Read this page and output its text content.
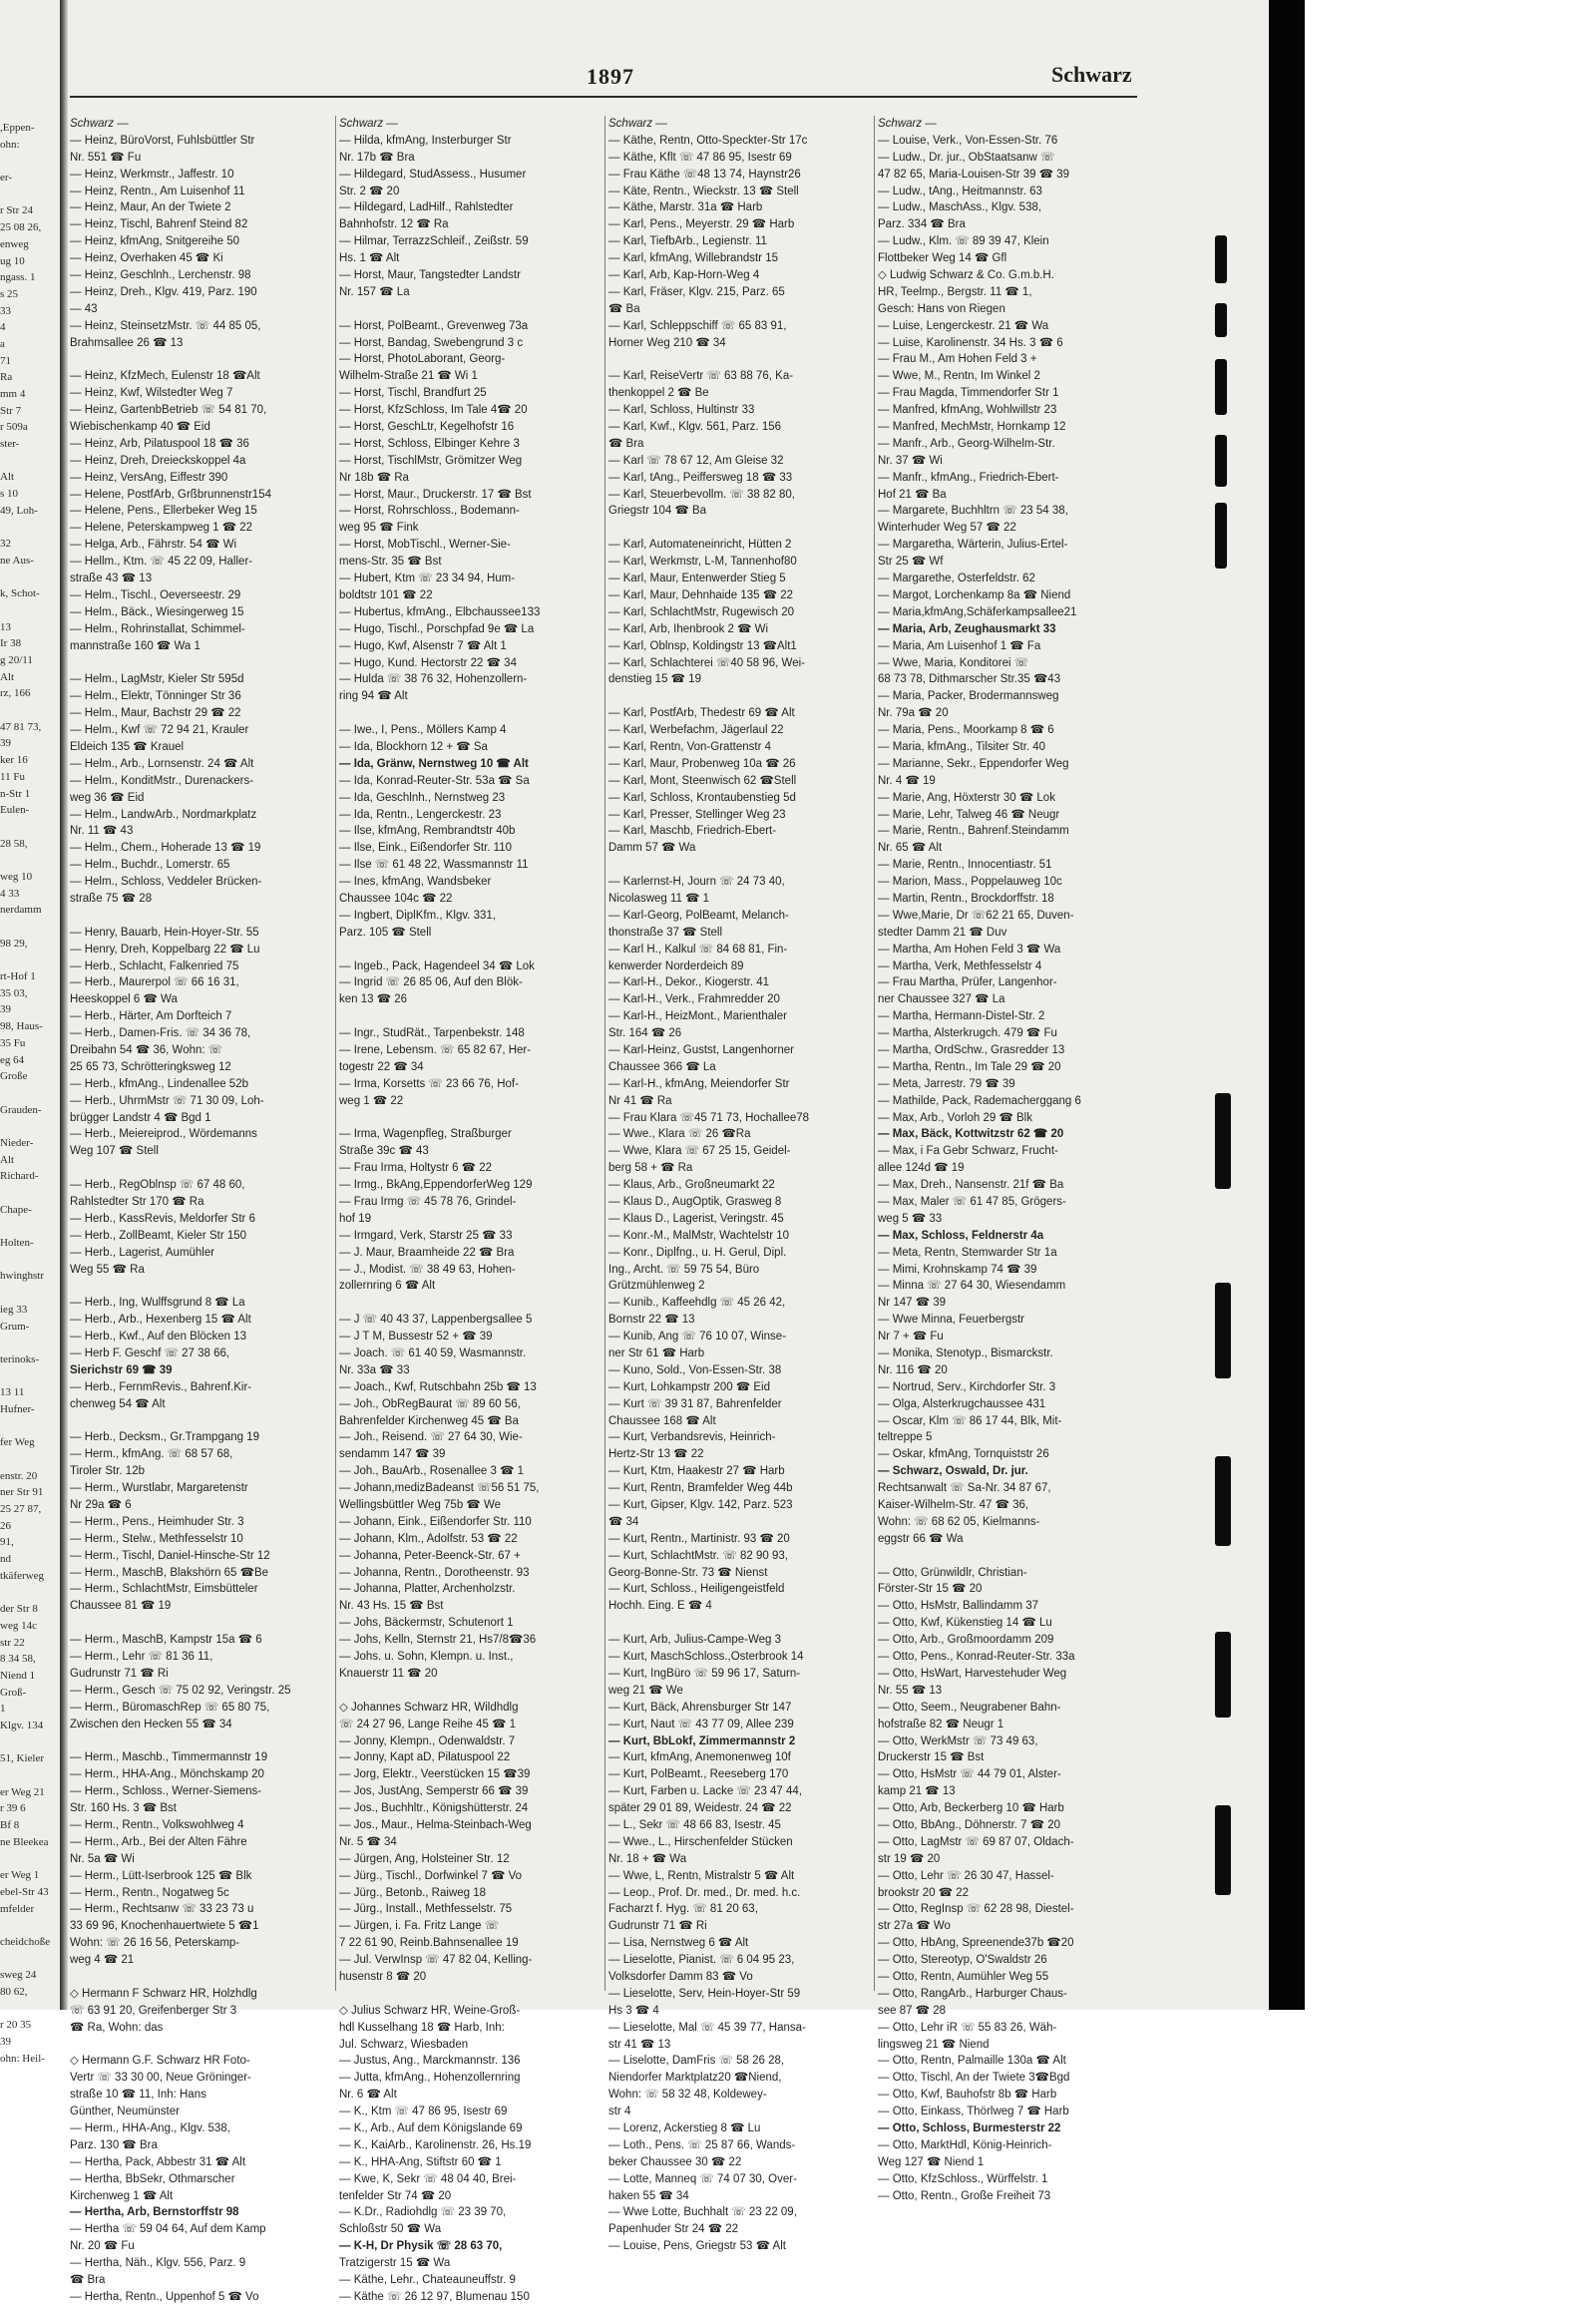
,Eppen-
ohn:
er-
r Str 24
25 08 26,
enweg
ug 10
ngass. 1
s 25
33
4
a
71
Ra
mm 4
Str 7
r 509a
ster-
Alt
s 10
49, Loh-
32
ne Aus-
k, Schot-
13
Ir 38
g 20/11
Alt
rz, 166
47 81 73,
39
ker 16
11 Fu
n-Str 1
Eulen-
28 58,
weg 10
4 33
nerdamm
98 29,
rt-Hof 1
35 03,
39
98, Haus-
35 Fu
eg 64
Große
Grauden-
Nieder-
Alt
Richard-
Chape-
Holten-
hwinghstr
ieg 33
Grum-
terinoks-
13 11
Hufner-
fer Weg
enstr. 20
ner Str 91
25 27 87,
26
91,
nd
tkäferweg
der Str 8
weg 14c
str 22
8 34 58,
Niend 1
Groß-
1
Klgv. 134
51, Kieler
er Weg 21
r 39 6
Bf 8
ne Bleekea
er Weg 1
ebel-Str 43
mfelder
cheidchoße
sweg 24
80 62,
r 20 35
39
ohn: Heil-
1897	Schwarz
Schwarz —
— Heinz, BüroVorst, Fuhlsbüttler Str
Nr. 551 ☎ Fu
— Heinz, Werkmstr., Jaffestr. 10
— Heinz, Rentn., Am Luisenhof 11
— Heinz, Maur, An der Twiete 2
— Heinz, Tischl, Bahrenf Steind 82
— Heinz, kfmAng, Snitgereihe 50
— Heinz, Overhaken 45 ☎ Ki
— Heinz, Geschlnh., Lerchenstr. 98
— Heinz, Dreh., Klgv. 419, Parz. 190
— 43
— Heinz, SteinsetzMstr. ☏ 44 85 05,
Brahmsallee 26 ☎ 13
— Heinz, KfzMech, Eulenstr 18 ☎Alt
— Heinz, Kwf, Wilstedter Weg 7
— Heinz, GartenbBetrieb ☏ 54 81 70,
Wiebischenkamp 40 ☎ Eid
— Heinz, Arb, Pilatuspool 18 ☎ 36
— Heinz, Dreh, Dreieckskoppel 4a
— Heinz, VersAng, Eiffestr 390
— Helene, PostfArb, Grßbrunnenstr154
— Helene, Pens., Ellerbeker Weg 15
— Helene, Peterskampweg 1 ☎ 22
— Helga, Arb., Fährstr. 54 ☎ Wi
— Hellm., Ktm. ☏ 45 22 09, Haller-
straße 43 ☎ 13
— Helm., Tischl., Oeverseestr. 29
— Helm., Bäck., Wiesingerweg 15
— Helm., Rohrinstallat, Schimmel-
mannstraße 160 ☎ Wa 1
— Helm., LagMstr, Kieler Str 595d
— Helm., Elektr, Tönninger Str 36
— Helm., Maur, Bachstr 29 ☎ 22
— Helm., Kwf ☏ 72 94 21, Krauler
Eldeich 135 ☎ Krauel
— Helm., Arb., Lornsenstr. 24 ☎ Alt
— Helm., KonditMstr., Durenackers-
weg 36 ☎ Eid
— Helm., LandwArb., Nordmarkplatz
Nr. 11 ☎ 43
— Helm., Chem., Hoherade 13 ☎ 19
— Helm., Buchdr., Lomerstr. 65
— Helm., Schloss, Veddeler Brücken-
straße 75 ☎ 28
— Henry, Bauarb, Hein-Hoyer-Str. 55
— Henry, Dreh, Koppelbarg 22 ☎ Lu
— Herb., Schlacht, Falkenried 75
— Herb., Maurerpol ☏ 66 16 31,
Heeskoppel 6 ☎ Wa
— Herb., Härter, Am Dorfteich 7
— Herb., Damen-Fris. ☏ 34 36 78,
Dreibahn 54 ☎ 36, Wohn: ☏
25 65 73, Schrötteringksweg 12
— Herb., kfmAng., Lindenallee 52b
— Herb., UhrmMstr ☏ 71 30 09, Loh-
brügger Landstr 4 ☎ Bgd 1
— Herb., Meiereiprod., Wördemanns
Weg 107 ☎ Stell
— Herb., RegOblnsp ☏ 67 48 60,
Rahlstedter Str 170 ☎ Ra
— Herb., KassRevis, Meldorfer Str 6
— Herb., ZollBeamt, Kieler Str 150
— Herb., Lagerist, Aumühler
Weg 55 ☎ Ra
— Herb., Ing, Wulffsgrund 8 ☎ La
— Herb., Arb., Hexenberg 15 ☎ Alt
— Herb., Kwf., Auf den Blöcken 13
— Herb F. Geschf ☏ 27 38 66,
Sierichstr 69 ☎ 39
— Herb., FernmRevis., Bahrenf.Kir-
chenweg 54 ☎ Alt
— Herb., Decksm., Gr.Trampgang 19
— Herm., kfmAng. ☏ 68 57 68,
Tiroler Str. 12b
— Herm., Wurstlabr, Margaretenstr
Nr 29a ☎ 6
— Herm., Pens., Heimhuder Str. 3
— Herm., Stelw., Methfesselstr 10
— Herm., Tischl, Daniel-Hinsche-Str 12
— Herm., MaschB, Blakshörn 65 ☎Be
— Herm., SchlachtMstr, Eimsbütteler
Chaussee 81 ☎ 19
— Herm., MaschB, Kampstr 15a ☎ 6
— Herm., Lehr ☏ 81 36 11,
Gudrunstr 71 ☎ Ri
— Herm., Gesch ☏ 75 02 92, Veringstr. 25
— Herm., BüromaschRep ☏ 65 80 75,
Zwischen den Hecken 55 ☎ 34
— Herm., Maschb., Timmermannstr 19
— Herm., HHA-Ang., Mönchskamp 20
— Herm., Schloss., Werner-Siemens-
Str. 160 Hs. 3 ☎ Bst
— Herm., Rentn., Volkswohlweg 4
— Herm., Arb., Bei der Alten Fähre
Nr. 5a ☎ Wi
— Herm., Lütt-Iserbrook 125 ☎ Blk
— Herm., Rentn., Nogatweg 5c
— Herm., Rechtsanw ☏ 33 23 73 u
33 69 96, Knochenhauertwiete 5 ☎1
Wohn: ☏ 26 16 56, Peterskamp-
weg 4 ☎ 21
◇ Hermann F Schwarz HR, Holzhdlg
☏ 63 91 20, Greifenberger Str 3
☎ Ra, Wohn: das
◇ Hermann G.F. Schwarz HR Foto-
Vertr ☏ 33 30 00, Neue Gröninger-
straße 10 ☎ 11, Inh: Hans
Günther, Neumünster
— Herm., HHA-Ang., Klgv. 538,
Parz. 130 ☎ Bra
— Hertha, Pack, Abbestr 31 ☎ Alt
— Hertha, BbSekr, Othmarscher
Kirchenweg 1 ☎ Alt
— Hertha, Arb, Bernstorffstr 98
— Hertha ☏ 59 04 64, Auf dem Kamp
Nr. 20 ☎ Fu
— Hertha, Näh., Klgv. 556, Parz. 9
☎ Bra
— Hertha, Rentn., Uppenhof 5 ☎ Vo
Schwarz —
— Hilda, kfmAng, Insterburger Str
Nr. 17b ☎ Bra
— Hildegard, StudAssess., Husumer
Str. 2 ☎ 20
— Hildegard, LadHilf., Rahlstedter
Bahnhofstr. 12 ☎ Ra
— Hilmar, TerrazzSchleif., Zeißstr. 59
Hs. 1 ☎ Alt
— Horst, Maur, Tangstedter Landstr
Nr. 157 ☎ La
— Horst, PolBeamt., Grevenweg 73a
— Horst, Bandag, Swebengrund 3 c
— Horst, PhotoLaborant, Georg-
Wilhelm-Straße 21 ☎ Wi 1
— Horst, Tischl, Brandfurt 25
— Horst, KfzSchloss, Im Tale 4☎ 20
— Horst, GeschLtr, Kegelhofstr 16
— Horst, Schloss, Elbinger Kehre 3
— Horst, TischlMstr, Grömitzer Weg
Nr 18b ☎ Ra
— Horst, Maur., Druckerstr. 17 ☎ Bst
— Horst, Rohrschloss., Bodemann-
weg 95 ☎ Fink
— Horst, MobTischl., Werner-Sie-
mens-Str. 35 ☎ Bst
— Hubert, Ktm ☏ 23 34 94, Hum-
boldtstr 101 ☎ 22
— Hubertus, kfmAng., Elbchaussee133
— Hugo, Tischl., Porschpfad 9e ☎ La
— Hugo, Kwf, Alsenstr 7 ☎ Alt 1
— Hugo, Kund. Hectorstr 22 ☎ 34
— Hulda ☏ 38 76 32, Hohenzollern-
ring 94 ☎ Alt
— Iwe., I, Pens., Möllers Kamp 4
— Ida, Blockhorn 12 + ☎ Sa
— Ida, Gränw, Nernstweg 10 ☎ Alt
— Ida, Konrad-Reuter-Str. 53a ☎ Sa
— Ida, Geschlnh., Nernstweg 23
— Ida, Rentn., Lengerckestr. 23
— Ilse, kfmAng, Rembrandtstr 40b
— Ilse, Eink., Eißendorfer Str. 110
— Ilse ☏ 61 48 22, Wassmannstr 11
— Ines, kfmAng, Wandsbeker
Chaussee 104c ☎ 22
— Ingbert, DiplKfm., Klgv. 331,
Parz. 105 ☎ Stell
— Ingeb., Pack, Hagendeel 34 ☎ Lok
— Ingrid ☏ 26 85 06, Auf den Blök-
ken 13 ☎ 26
— Ingr., StudRät., Tarpenbekstr. 148
— Irene, Lebensm. ☏ 65 82 67, Her-
togestr 22 ☎ 34
— Irma, Korsetts ☏ 23 66 76, Hof-
weg 1 ☎ 22
— Irma, Wagenpfleg, Straßburger
Straße 39c ☎ 43
— Frau Irma, Holtystr 6 ☎ 22
— Irmg., BkAng,EppendorferWeg 129
— Frau Irmg ☏ 45 78 76, Grindel-
hof 19
— Irmgard, Verk, Starstr 25 ☎ 33
— J. Maur, Braamheide 22 ☎ Bra
— J., Modist. ☏ 38 49 63, Hohen-
zollernring 6 ☎ Alt
— J ☏ 40 43 37, Lappenbergsallee 5
— J T M, Bussestr 52 + ☎ 39
— Joach. ☏ 61 40 59, Wasmannstr.
Nr. 33a ☎ 33
— Joach., Kwf, Rutschbahn 25b ☎ 13
— Joh., ObRegBaurat ☏ 89 60 56,
Bahrenfelder Kirchenweg 45 ☎ Ba
— Joh., Reisend. ☏ 27 64 30, Wie-
sendamm 147 ☎ 39
— Joh., BauArb., Rosenallee 3 ☎ 1
— Johann,medizBadeanst ☏56 51 75,
Wellingsbüttler Weg 75b ☎ We
— Johann, Eink., Eißendorfer Str. 110
— Johann, Klm., Adolfstr. 53 ☎ 22
— Johanna, Peter-Beenck-Str. 67 +
— Johanna, Rentn., Dorotheenstr. 93
— Johanna, Platter, Archenholzstr.
Nr. 43 Hs. 15 ☎ Bst
— Johs, Bäckermstr, Schutenort 1
— Johs, Kelln, Sternstr 21, Hs7/8☎36
— Johs. u. Sohn, Klempn. u. Inst.,
Knauerstr 11 ☎ 20
◇ Johannes Schwarz HR, Wildhdlg
☏ 24 27 96, Lange Reihe 45 ☎ 1
— Jonny, Klempn., Odenwaldstr. 7
— Jonny, Kapt aD, Pilatuspool 22
— Jorg, Elektr., Veerstücken 15 ☎39
— Jos, JustAng, Semperstr 66 ☎ 39
— Jos., Buchhltr., Königshütterstr. 24
— Jos., Maur., Helma-Steinbach-Weg
Nr. 5 ☎ 34
— Jürgen, Ang, Holsteiner Str. 12
— Jürg., Tischl., Dorfwinkel 7 ☎ Vo
— Jürg., Betonb., Raiweg 18
— Jürg., Install., Methfesselstr. 75
— Jürgen, i. Fa. Fritz Lange ☏
7 22 61 90, Reinb.Bahnsenallee 19
— Jul. VerwInsp ☏ 47 82 04, Kelling-
husenstr 8 ☎ 20
◇ Julius Schwarz HR, Weine-Groß-
hdl Kusselhang 18 ☎ Harb, Inh:
Jul. Schwarz, Wiesbaden
— Justus, Ang., Marckmannstr. 136
— Jutta, kfmAng., Hohenzollernring
Nr. 6 ☎ Alt
— K., Ktm ☏ 47 86 95, Isestr 69
— K., Arb., Auf dem Königslande 69
— K., KaiArb., Karolinenstr. 26, Hs.19
— K., HHA-Ang, Stiftstr 60 ☎ 1
— Kwe, K, Sekr ☏ 48 04 40, Brei-
tenfelder Str 74 ☎ 20
— K.Dr., Radiohdlg ☏ 23 39 70,
Schloßstr 50 ☎ Wa
— K-H, Dr Physik ☏ 28 63 70,
Tratzigerstr 15 ☎ Wa
— Käthe, Lehr., Chateauneuffstr. 9
— Käthe ☏ 26 12 97, Blumenau 150
Schwarz —
— Käthe, Rentn, Otto-Speckter-Str 17c
— Käthe, Kflt ☏ 47 86 95, Isestr 69
— Frau Käthe ☏48 13 74, Haynstr26
— Käte, Rentn., Wieckstr. 13 ☎ Stell
— Käthe, Marstr. 31a ☎ Harb
— Karl, Pens., Meyerstr. 29 ☎ Harb
— Karl, TiefbArb., Legienstr. 11
— Karl, kfmAng, Willebrandstr 15
— Karl, Arb, Kap-Horn-Weg 4
— Karl, Fräser, Klgv. 215, Parz. 65
☎ Ba
— Karl, Schleppschiff ☏ 65 83 91,
Horner Weg 210 ☎ 34
— Karl, ReiseVertr ☏ 63 88 76, Ka-
thenkoppel 2 ☎ Be
— Karl, Schloss, Hultinstr 33
— Karl, Kwf., Klgv. 561, Parz. 156
☎ Bra
— Karl ☏ 78 67 12, Am Gleise 32
— Karl, tAng., Peiffersweg 18 ☎ 33
— Karl, Steuerbevollm. ☏ 38 82 80,
Griegstr 104 ☎ Ba
— Karl, Automateneinricht, Hütten 2
— Karl, Werkmstr, L-M, Tannenhof80
— Karl, Maur, Entenwerder Stieg 5
— Karl, Maur, Dehnhaide 135 ☎ 22
— Karl, SchlachtMstr, Rugewisch 20
— Karl, Arb, Ihenbrook 2 ☎ Wi
— Karl, Oblnsp, Koldingstr 13 ☎Alt1
— Karl, Schlachterei ☏40 58 96, Wei-
denstieg 15 ☎ 19
— Karl, PostfArb, Thedestr 69 ☎ Alt
— Karl, Werbefachm, Jägerlaul 22
— Karl, Rentn, Von-Grattenstr 4
— Karl, Maur, Probenweg 10a ☎ 26
— Karl, Mont, Steenwisch 62 ☎Stell
— Karl, Schloss, Krontaubenstieg 5d
— Karl, Presser, Stellinger Weg 23
— Karl, Maschb, Friedrich-Ebert-
Damm 57 ☎ Wa
— Karlernst-H, Journ ☏ 24 73 40,
Nicolasweg 11 ☎ 1
— Karl-Georg, PolBeamt, Melanch-
thonstraße 37 ☎ Stell
— Karl H., Kalkul ☏ 84 68 81, Fin-
kenwerder Norderdeich 89
— Karl-H., Dekor., Kiogerstr. 41
— Karl-H., Verk., Frahmredder 20
— Karl-H., HeizMont., Marienthaler
Str. 164 ☎ 26
— Karl-Heinz, Gustst, Langenhorner
Chaussee 366 ☎ La
— Karl-H., kfmAng, Meiendorfer Str
Nr 41 ☎ Ra
— Frau Klara ☏45 71 73, Hochallee78
— Wwe., Klara ☏ 26 ☎Ra
— Wwe, Klara ☏ 67 25 15, Geidel-
berg 58 + ☎ Ra
— Klaus, Arb., Großneumarkt 22
— Klaus D., AugOptik, Grasweg 8
— Klaus D., Lagerist, Veringstr. 45
— Konr.-M., MalMstr, Wachtelstr 10
— Konr., Diplfng., u. H. Gerul, Dipl.
Ing., Archt. ☏ 59 75 54, Büro
Grützmühlenweg 2
— Kunib., Kaffeehdlg ☏ 45 26 42,
Bornstr 22 ☎ 13
— Kunib, Ang ☏ 76 10 07, Winse-
ner Str 61 ☎ Harb
— Kuno, Sold., Von-Essen-Str. 38
— Kurt, Lohkampstr 200 ☎ Eid
— Kurt ☏ 39 31 87, Bahrenfelder
Chaussee 168 ☎ Alt
— Kurt, Verbandsrevis, Heinrich-
Hertz-Str 13 ☎ 22
— Kurt, Ktm, Haakestr 27 ☎ Harb
— Kurt, Rentn, Bramfelder Weg 44b
— Kurt, Gipser, Klgv. 142, Parz. 523
☎ 34
— Kurt, Rentn., Martinistr. 93 ☎ 20
— Kurt, SchlachtMstr. ☏ 82 90 93,
Georg-Bonne-Str. 73 ☎ Nienst
— Kurt, Schloss., Heiligengeistfeld
Hochh. Eing. E ☎ 4
— Kurt, Arb, Julius-Campe-Weg 3
— Kurt, MaschSchloss.,Osterbrook 14
— Kurt, IngBüro ☏ 59 96 17, Saturn-
weg 21 ☎ We
— Kurt, Bäck, Ahrensburger Str 147
— Kurt, Naut ☏ 43 77 09, Allee 239
— Kurt, BbLokf, Zimmermannstr 2
— Kurt, kfmAng, Anemonenweg 10f
— Kurt, PolBeamt., Reeseberg 170
— Kurt, Farben u. Lacke ☏ 23 47 44,
später 29 01 89, Weidestr. 24 ☎ 22
— L., Sekr ☏ 48 66 83, Isestr. 45
— Wwe., L., Hirschenfelder Stücken
Nr. 18 + ☎ Wa
— Wwe, L, Rentn, Mistralstr 5 ☎ Alt
— Leop., Prof. Dr. med., Dr. med. h.c.
Facharzt f. Hyg. ☏ 81 20 63,
Gudrunstr 71 ☎ Ri
— Lisa, Nernstweg 6 ☎ Alt
— Lieselotte, Pianist. ☏ 6 04 95 23,
Volksdorfer Damm 83 ☎ Vo
— Lieselotte, Serv, Hein-Hoyer-Str 59
Hs 3 ☎ 4
— Lieselotte, Mal ☏ 45 39 77, Hansa-
str 41 ☎ 13
— Liselotte, DamFris ☏ 58 26 28,
Niendorfer Marktplatz20 ☎Niend,
Wohn: ☏ 58 32 48, Koldewey-
str 4
— Lorenz, Ackerstieg 8 ☎ Lu
— Loth., Pens. ☏ 25 87 66, Wands-
beker Chaussee 30 ☎ 22
— Lotte, Manneq ☏ 74 07 30, Over-
haken 55 ☎ 34
— Wwe Lotte, Buchhalt ☏ 23 22 09,
Papenhuder Str 24 ☎ 22
— Louise, Pens, Griegstr 53 ☎ Alt
Schwarz —
— Louise, Verk., Von-Essen-Str. 76
— Ludw., Dr. jur., ObStaatsanw ☏
47 82 65, Maria-Louisen-Str 39 ☎ 39
— Ludw., tAng., Heitmannstr. 63
— Ludw., MaschAss., Klgv. 538,
Parz. 334 ☎ Bra
— Ludw., Klm. ☏ 89 39 47, Klein
Flottbeker Weg 14 ☎ Gfl
◇ Ludwig Schwarz & Co. G.m.b.H.
HR, Teelmp., Bergstr. 11 ☎ 1,
Gesch: Hans von Riegen
— Luise, Lengerckestr. 21 ☎ Wa
— Luise, Karolinenstr. 34 Hs. 3 ☎ 6
— Frau M., Am Hohen Feld 3 +
— Wwe, M., Rentn, Im Winkel 2
— Frau Magda, Timmendorfer Str 1
— Manfred, kfmAng, Wohlwillstr 23
— Manfred, MechMstr, Hornkamp 12
— Manfr., Arb., Georg-Wilhelm-Str.
Nr. 37 ☎ Wi
— Manfr., kfmAng., Friedrich-Ebert-
Hof 21 ☎ Ba
— Margarete, Buchhltrn ☏ 23 54 38,
Winterhuder Weg 57 ☎ 22
— Margaretha, Wärterin, Julius-Ertel-
Str 25 ☎ Wf
— Margarethe, Osterfeldstr. 62
— Margot, Lorchenkamp 8a ☎ Niend
— Maria,kfmAng,Schäferkampsallee21
— Maria, Arb, Zeughausmarkt 33
— Maria, Am Luisenhof 1 ☎ Fa
— Wwe, Maria, Konditorei ☏
68 73 78, Dithmarscher Str.35 ☎43
— Maria, Packer, Brodermannsweg
Nr. 79a ☎ 20
— Maria, Pens., Moorkamp 8 ☎ 6
— Maria, kfmAng., Tilsiter Str. 40
— Marianne, Sekr., Eppendorfer Weg
Nr. 4 ☎ 19
— Marie, Ang, Höxterstr 30 ☎ Lok
— Marie, Lehr, Talweg 46 ☎ Neugr
— Marie, Rentn., Bahrenf.Steindamm
Nr. 65 ☎ Alt
— Marie, Rentn., Innocentiastr. 51
— Marion, Mass., Poppelauweg 10c
— Martin, Rentn., Brockdorffstr. 18
— Wwe,Marie, Dr ☏62 21 65, Duven-
stedter Damm 21 ☎ Duv
— Martha, Am Hohen Feld 3 ☎ Wa
— Martha, Verk, Methfesselstr 4
— Frau Martha, Prüfer, Langenhor-
ner Chaussee 327 ☎ La
— Martha, Hermann-Distel-Str. 2
— Martha, Alsterkrugch. 479 ☎ Fu
— Martha, OrdSchw., Grasredder 13
— Martha, Rentn., Im Tale 29 ☎ 20
— Meta, Jarrestr. 79 ☎ 39
— Mathilde, Pack, Rademacherggang 6
— Max, Arb., Vorloh 29 ☎ Blk
— Max, Bäck, Kottwitzstr 62 ☎ 20
— Max, i Fa Gebr Schwarz, Frucht-
allee 124d ☎ 19
— Max, Dreh., Nansenstr. 21f ☎ Ba
— Max, Maler ☏ 61 47 85, Grögers-
weg 5 ☎ 33
— Max, Schloss, Feldnerstr 4a
— Meta, Rentn, Stemwarder Str 1a
— Mimi, Krohnskamp 74 ☎ 39
— Minna ☏ 27 64 30, Wiesendamm
Nr 147 ☎ 39
— Wwe Minna, Feuerbergstr
Nr 7 + ☎ Fu
— Monika, Stenotyp., Bismarckstr.
Nr. 116 ☎ 20
— Nortrud, Serv., Kirchdorfer Str. 3
— Olga, Alsterkrugchaussee 431
— Oscar, Klm ☏ 86 17 44, Blk, Mit-
teltreppe 5
— Oskar, kfmAng, Tornquiststr 26
— Schwarz, Oswald, Dr. jur.
Rechtsanwalt ☏ Sa-Nr. 34 87 67,
Kaiser-Wilhelm-Str. 47 ☎ 36,
Wohn: ☏ 68 62 05, Kielmanns-
eggstr 66 ☎ Wa
— Otto, Grünwildlr, Christian-
Förster-Str 15 ☎ 20
— Otto, HsMstr, Ballindamm 37
— Otto, Kwf, Kükenstieg 14 ☎ Lu
— Otto, Arb., Großmoordamm 209
— Otto, Pens., Konrad-Reuter-Str. 33a
— Otto, HsWart, Harvestehuder Weg
Nr. 55 ☎ 13
— Otto, Seem., Neugrabener Bahn-
hofstraße 82 ☎ Neugr 1
— Otto, WerkMstr ☏ 73 49 63,
Druckerstr 15 ☎ Bst
— Otto, HsMstr ☏ 44 79 01, Alster-
kamp 21 ☎ 13
— Otto, Arb, Beckerberg 10 ☎ Harb
— Otto, BbAng., Döhnerstr. 7 ☎ 20
— Otto, LagMstr ☏ 69 87 07, Oldach-
str 19 ☎ 20
— Otto, Lehr ☏ 26 30 47, Hassel-
brookstr 20 ☎ 22
— Otto, RegInsp ☏ 62 28 98, Diestel-
str 27a ☎ Wo
— Otto, HbAng, Spreenende37b ☎20
— Otto, Stereotyp, O'Swaldstr 26
— Otto, Rentn, Aumühler Weg 55
— Otto, RangArb., Harburger Chaus-
see 87 ☎ 28
— Otto, Lehr iR ☏ 55 83 26, Wäh-
lingsweg 21 ☎ Niend
— Otto, Rentn, Palmaille 130a ☎ Alt
— Otto, Tischl, An der Twiete 3☎Bgd
— Otto, Kwf, Bauhofstr 8b ☎ Harb
— Otto, Einkass, Thörlweg 7 ☎ Harb
— Otto, Schloss, Burmesterstr 22
— Otto, MarktHdl, König-Heinrich-
Weg 127 ☎ Niend 1
— Otto, KfzSchloss., Würffelstr. 1
— Otto, Rentn., Große Freiheit 73
